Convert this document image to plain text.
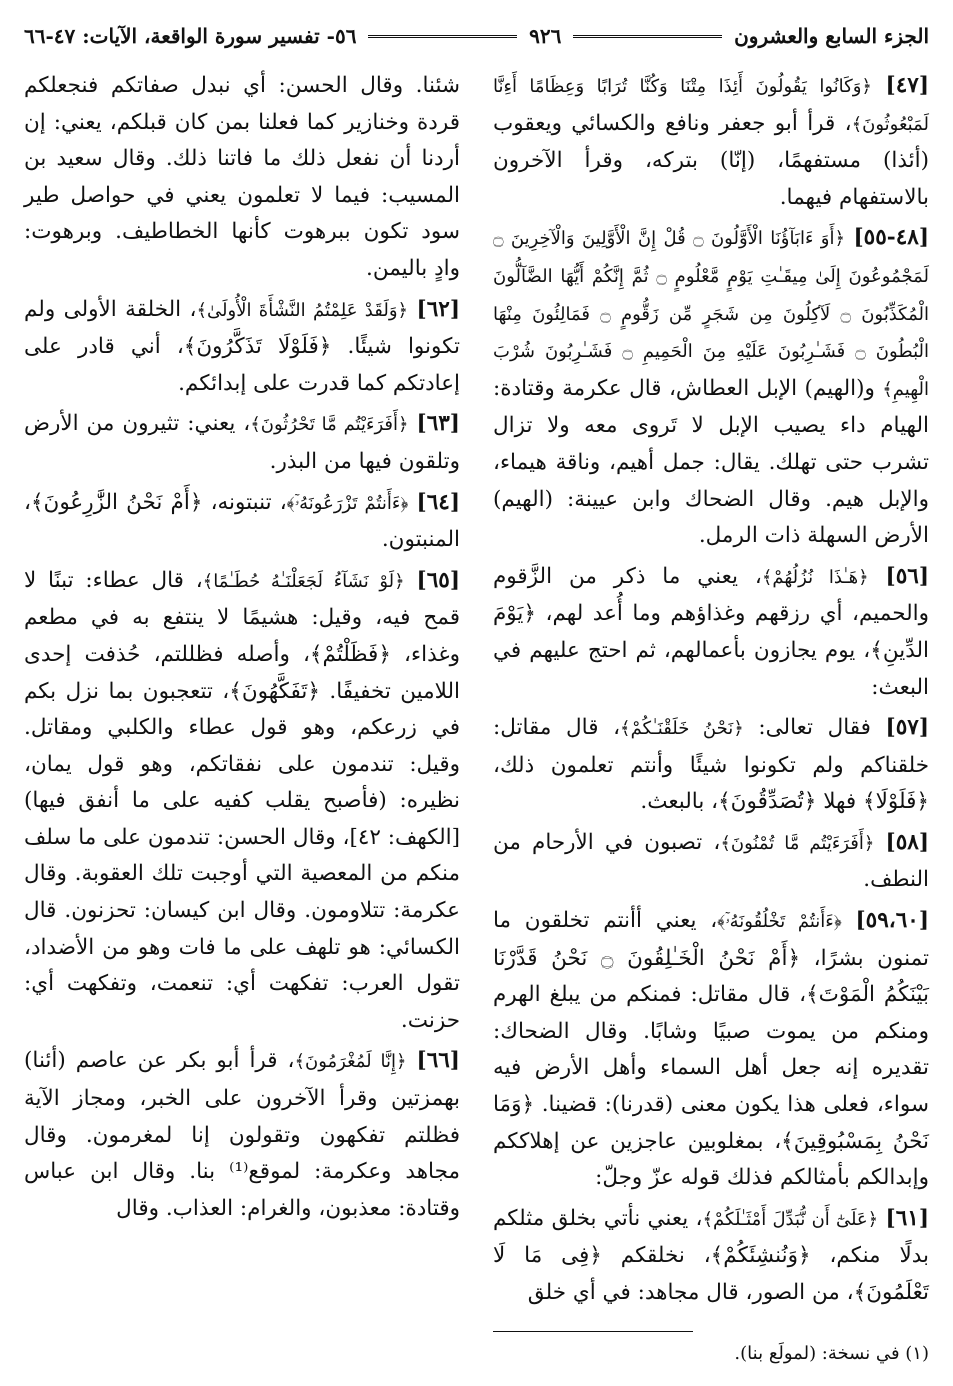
الجزء السابع والعشرون
٩٢٦
٥٦- تفسير سورة الواقعة، الآيات: ٤٧-٦٦

[٤٧] ﴿وَكَانُوا يَقُولُونَ أَئِذَا مِتْنَا وَكُنَّا تُرَابًا وَعِظَامًا أَءِنَّا لَمَبْعُوثُونَ﴾، قرأ أبو جعفر ونافع والكسائي ويعقوب (أئذا) مستفهمًا، (إنّا) بتركه، وقرأ الآخرون بالاستفهام فيهما.

[٤٨-٥٥] ﴿أَوَ ءَابَآؤُنَا الْأَوَّلُونَ ۝ قُلْ إِنَّ الْأَوَّلِينَ وَالْآخِرِينَ ۝ لَمَجْمُوعُونَ إِلَىٰ مِيقَـٰتِ يَوْمٍ مَّعْلُومٍ ۝ ثُمَّ إِنَّكُمْ أَيُّهَا الضَّآلُّونَ الْمُكَذِّبُونَ ۝ لَآكِلُونَ مِن شَجَرٍ مِّن زَقُّومٍ ۝ فَمَالِئُونَ مِنْهَا الْبُطُونَ ۝ فَشَـٰرِبُونَ عَلَيْهِ مِنَ الْحَمِيمِ ۝ فَشَـٰرِبُونَ شُرْبَ الْهِيمِ﴾ و(الهيم) الإبل العطاش، قال عكرمة وقتادة: الهيام داء يصيب الإبل لا تَروى معه ولا تزال تشرب حتى تهلك. يقال: جمل أهيم، وناقة هيماء، والإبل هيم. وقال الضحاك وابن عيينة: (الهيم) الأرض السهلة ذات الرمل.

[٥٦] ﴿هَـٰذَا نُزُلُهُمْ﴾، يعني ما ذكر من الزَّقوم والحميم، أي رزقهم وغذاؤهم وما أُعد لهم، ﴿يَوْمَ الدِّينِ﴾، يوم يجازون بأعمالهم، ثم احتج عليهم في البعث:

[٥٧] فقال تعالى: ﴿نَحْنُ خَلَقْنَـٰكُمْ﴾، قال مقاتل: خلقناكم ولم تكونوا شيئًا وأنتم تعلمون ذلك، ﴿فَلَوْلَا﴾ فهلا ﴿تُصَدِّقُونَ﴾، بالبعث.

[٥٨] ﴿أَفَرَءَيْتُم مَّا تُمْنُونَ﴾، تصبون في الأرحام من النطف.

[٥٩،٦٠] ﴿ءَأَنتُمْ تَخْلُقُونَهُۥٓ﴾، يعني أأنتم تخلقون ما تمنون بشرًا، ﴿أَمْ نَحْنُ الْخَـٰلِقُونَ ۝ نَحْنُ قَدَّرْنَا بَيْنَكُمُ الْمَوْتَ﴾، قال مقاتل: فمنكم من يبلغ الهرم ومنكم من يموت صبيًا وشابًا. وقال الضحاك: تقديره إنه جعل أهل السماء وأهل الأرض فيه سواء، فعلى هذا يكون معنى (قدرنا): قضينا. ﴿وَمَا نَحْنُ بِمَسْبُوقِينَ﴾، بمغلوبين عاجزين عن إهلاككم وإبدالكم بأمثالكم فذلك قوله عزّ وجلّ:

[٦١] ﴿عَلَىٰٓ أَن نُّبَدِّلَ أَمْثَـٰلَكُمْ﴾، يعني نأتي بخلق مثلكم بدلًا منكم، ﴿وَنُنشِئَكُمْ﴾، نخلقكم ﴿فِى مَا لَا تَعْلَمُونَ﴾، من الصور، قال مجاهد: في أي خلق

شئنا. وقال الحسن: أي نبدل صفاتكم فنجعلكم قردة وخنازير كما فعلنا بمن كان قبلكم، يعني: إن أردنا أن نفعل ذلك ما فاتنا ذلك. وقال سعيد بن المسيب: فيما لا تعلمون يعني في حواصل طير سود تكون ببرهوت كأنها الخطاطيف. وبرهوت: وادٍ باليمن.

[٦٢] ﴿وَلَقَدْ عَلِمْتُمُ النَّشْأَةَ الْأُولَىٰ﴾، الخلقة الأولى ولم تكونوا شيئًا. ﴿فَلَوْلَا تَذَكَّرُونَ﴾، أني قادر على إعادتكم كما قدرت على إبدائكم.

[٦٣] ﴿أَفَرَءَيْتُم مَّا تَحْرُثُونَ﴾، يعني: تثيرون من الأرض وتلقون فيها من البذر.

[٦٤] ﴿ءَأَنتُمْ تَزْرَعُونَهُۥٓ﴾، تنبتونه، ﴿أَمْ نَحْنُ الزَّٰرِعُونَ﴾، المنبتون.

[٦٥] ﴿لَوْ نَشَآءُ لَجَعَلْنَـٰهُ حُطَـٰمًا﴾، قال عطاء: تبنًا لا قمح فيه، وقيل: هشيمًا لا ينتفع به في مطعم وغذاء، ﴿فَظَلْتُمْ﴾، وأصله فظللتم، حُذفت إحدى اللامين تخفيفًا. ﴿تَفَكَّهُونَ﴾، تتعجبون بما نزل بكم في زرعكم، وهو قول عطاء والكلبي ومقاتل. وقيل: تندمون على نفقاتكم، وهو قول يمان، نظيره: (فأصبح يقلب كفيه على ما أنفق فيها) [الكهف: ٤٢]، وقال الحسن: تندمون على ما سلف منكم من المعصية التي أوجبت تلك العقوبة. وقال عكرمة: تتلاومون. وقال ابن كيسان: تحزنون. قال الكسائي: هو تلهف على ما فات وهو من الأضداد، تقول العرب: تفكهت أي: تنعمت، وتفكهت أي: حزنت.

[٦٦] ﴿إِنَّا لَمُغْرَمُونَ﴾، قرأ أبو بكر عن عاصم (أئنا) بهمزتين وقرأ الآخرون على الخبر، ومجاز الآية فظلتم تفكهون وتقولون إنا لمغرمون. وقال مجاهد وعكرمة: لموقع⁽¹⁾ بنا. وقال ابن عباس وقتادة: معذبون، والغرام: العذاب. وقال

(١) في نسخة: (لمولَع بنا).
